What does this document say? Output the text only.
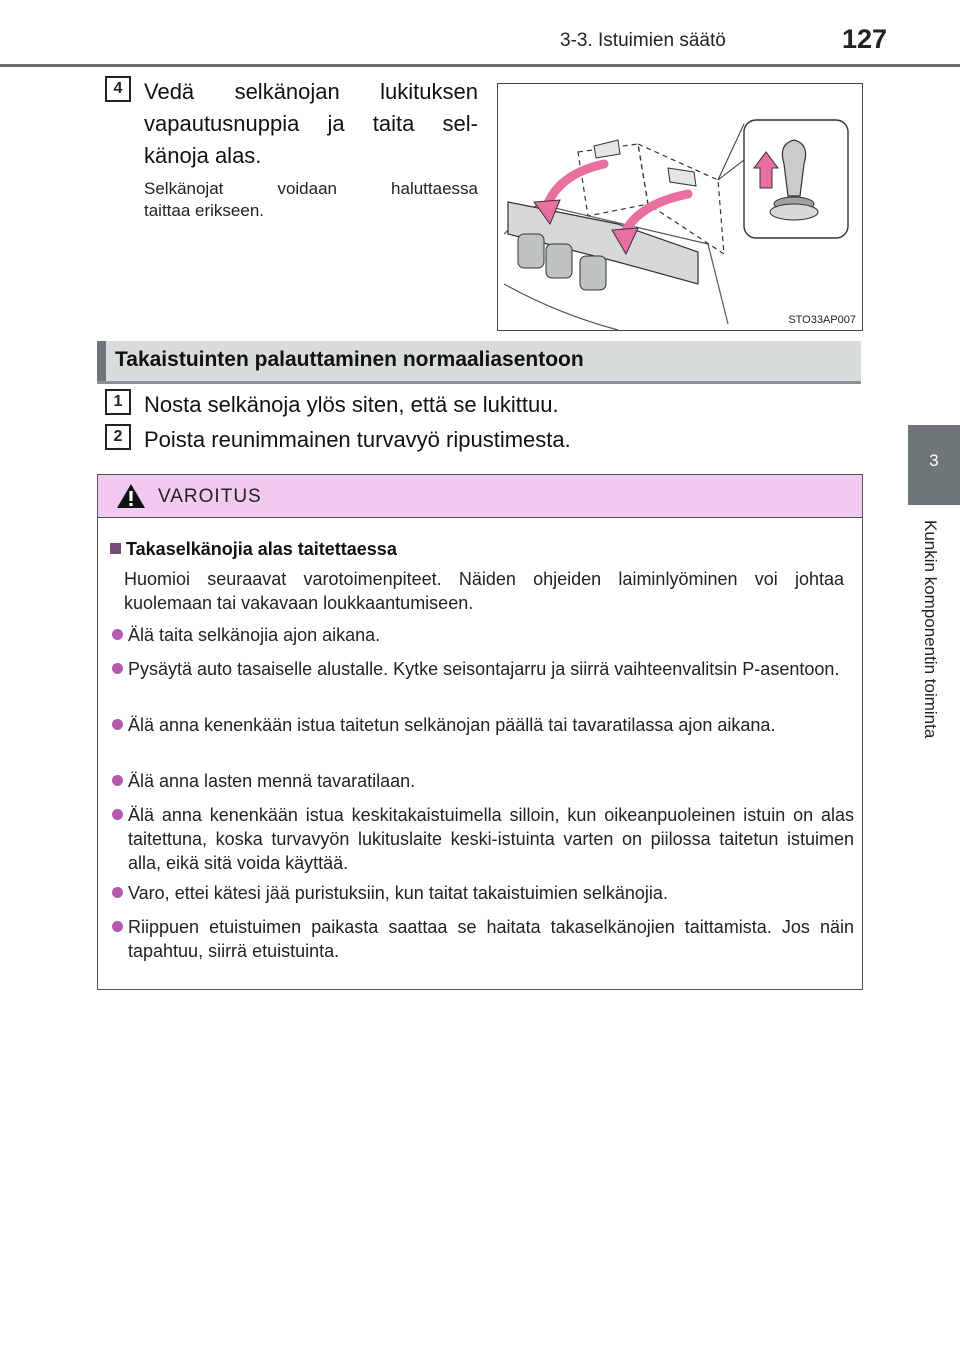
3-3. Istuimien säätö	127
3
Kunkin komponentin toiminta
4 Vedä selkänojan lukituksen
vapautusnuppia ja taita sel-
känoja alas.
Selkänojat voidaan haluttaessa
taittaa erikseen.
STO33AP007
Takaistuinten palauttaminen normaaliasentoon
1 Nosta selkänoja ylös siten, että se lukittuu.
2 Poista reunimmainen turvavyö ripustimesta.
VAROITUS
Takaselkänojia alas taitettaessa
Huomioi seuraavat varotoimenpiteet. Näiden ohjeiden laiminlyöminen voi johtaa kuolemaan tai vakavaan loukkaantumiseen.
Älä taita selkänojia ajon aikana.
Pysäytä auto tasaiselle alustalle. Kytke seisontajarru ja siirrä vaihteenvalitsin P-asentoon.
Älä anna kenenkään istua taitetun selkänojan päällä tai tavaratilassa ajon aikana.
Älä anna lasten mennä tavaratilaan.
Älä anna kenenkään istua keskitakaistuimella silloin, kun oikeanpuoleinen istuin on alas taitettuna, koska turvavyön lukituslaite keski-istuinta varten on piilossa taitetun istuimen alla, eikä sitä voida käyttää.
Varo, ettei kätesi jää puristuksiin, kun taitat takaistuimien selkänojia.
Riippuen etuistuimen paikasta saattaa se haitata takaselkänojien taittamista. Jos näin tapahtuu, siirrä etuistuinta.
